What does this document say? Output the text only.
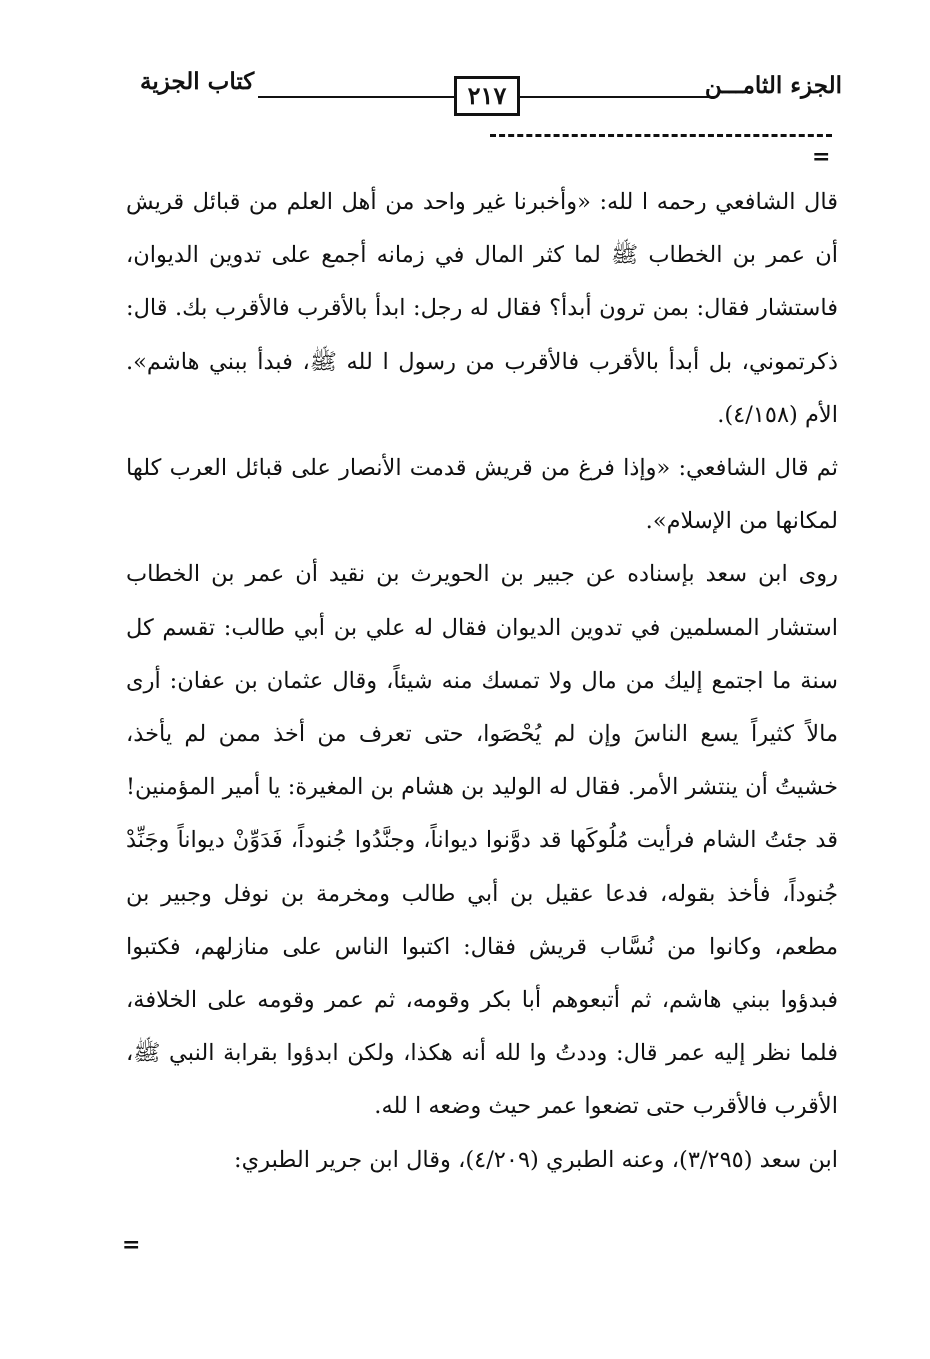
الجزء الثامـــن
٢١٧
كتاب الجزية
=

قال الشافعي رحمه ا لله: «وأخبرنا غير واحد من أهل العلم من قبائل قريش أن عمر بن الخطاب ﷺ لما كثر المال في زمانه أجمع على تدوين الديوان، فاستشار فقال: بمن ترون أبدأ؟ فقال له رجل: ابدأ بالأقرب فالأقرب بك. قال: ذكرتموني، بل أبدأ بالأقرب فالأقرب من رسول ا لله ﷺ، فبدأ ببني هاشم». الأم (٤/١٥٨).

ثم قال الشافعي: «وإذا فرغ من قريش قدمت الأنصار على قبائل العرب كلها لمكانها من الإسلام».

روى ابن سعد بإسناده عن جبير بن الحويرث بن نقيد أن عمر بن الخطاب استشار المسلمين في تدوين الديوان فقال له علي بن أبي طالب: تقسم كل سنة ما اجتمع إليك من مال ولا تمسك منه شيئاً، وقال عثمان بن عفان: أرى مالاً كثيراً يسع الناسَ وإن لم يُحْصَوا، حتى تعرف من أخذ ممن لم يأخذ، خشيتُ أن ينتشر الأمر. فقال له الوليد بن هشام بن المغيرة: يا أمير المؤمنين! قد جئتُ الشام فرأيت مُلُوكَها قد دوَّنوا ديواناً، وجنَّدُوا جُنوداً، فَدَوِّنْ ديواناً وجَنِّدْ جُنوداً، فأخذ بقوله، فدعا عقيل بن أبي طالب ومخرمة بن نوفل وجبير بن مطعم، وكانوا من نُسَّاب قريش فقال: اكتبوا الناس على منازلهم، فكتبوا فبدؤوا ببني هاشم، ثم أتبعوهم أبا بكر وقومه، ثم عمر وقومه على الخلافة، فلما نظر إليه عمر قال: وددتُ وا لله أنه هكذا، ولكن ابدؤوا بقرابة النبي ﷺ، الأقرب فالأقرب حتى تضعوا عمر حيث وضعه ا لله.

ابن سعد (٣/٢٩٥)، وعنه الطبري (٤/٢٠٩)، وقال ابن جرير الطبري:

=
